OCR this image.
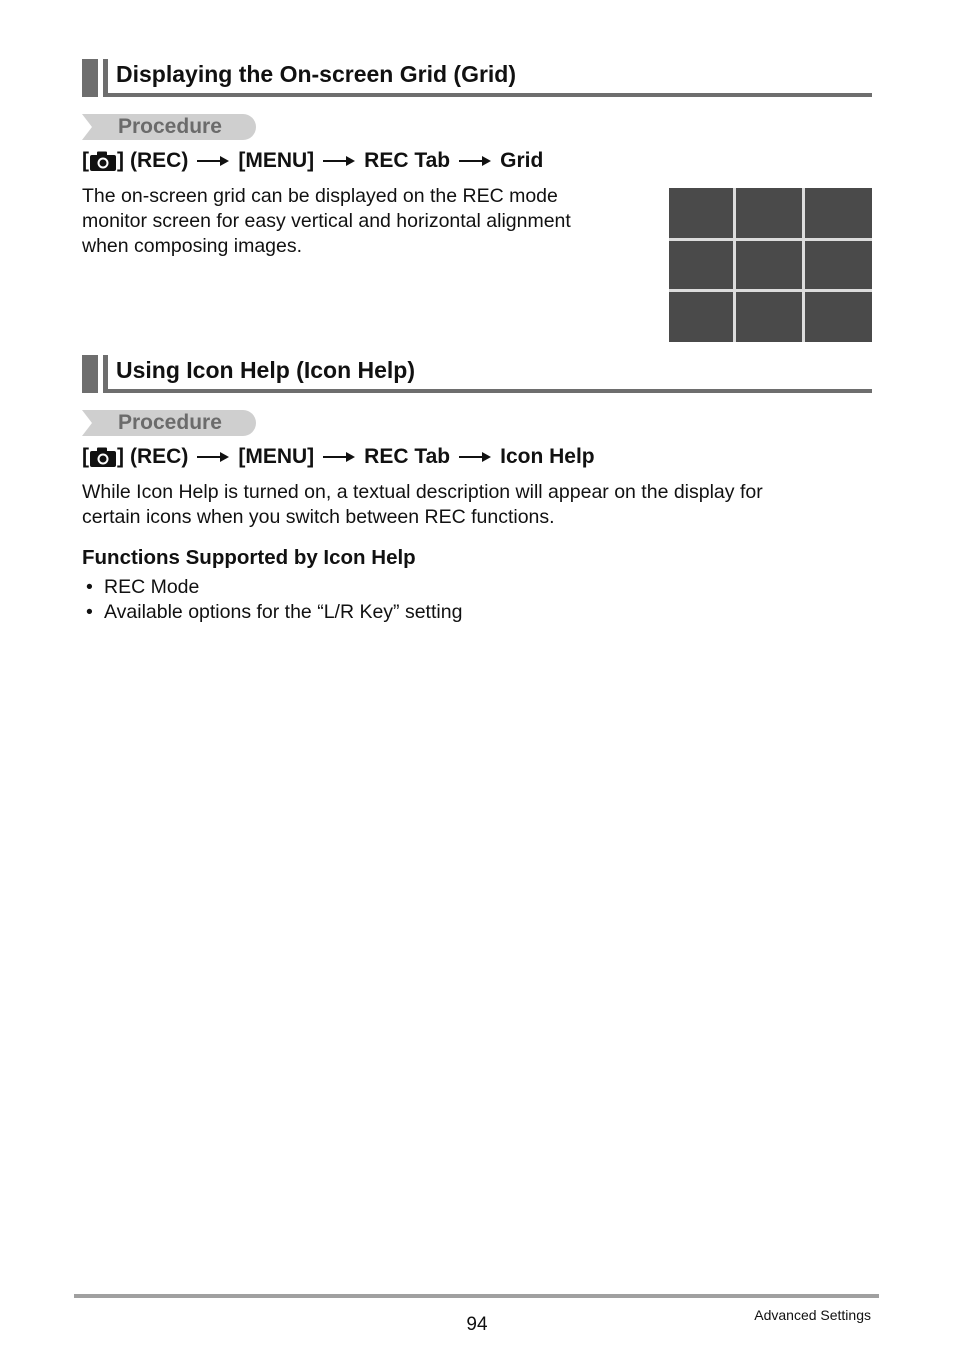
Displaying the On-screen Grid (Grid)
Procedure
[ ] (REC) [MENU] REC Tab Grid
The on-screen grid can be displayed on the REC mode
monitor screen for easy vertical and horizontal alignment
when composing images.
Using Icon Help (Icon Help)
Procedure
[ ] (REC) [MENU] REC Tab Icon Help
While Icon Help is turned on, a textual description will appear on the display for
certain icons when you switch between REC functions.
Functions Supported by Icon Help
• REC Mode
• Available options for the “L/R Key” setting
94	Advanced Settings
